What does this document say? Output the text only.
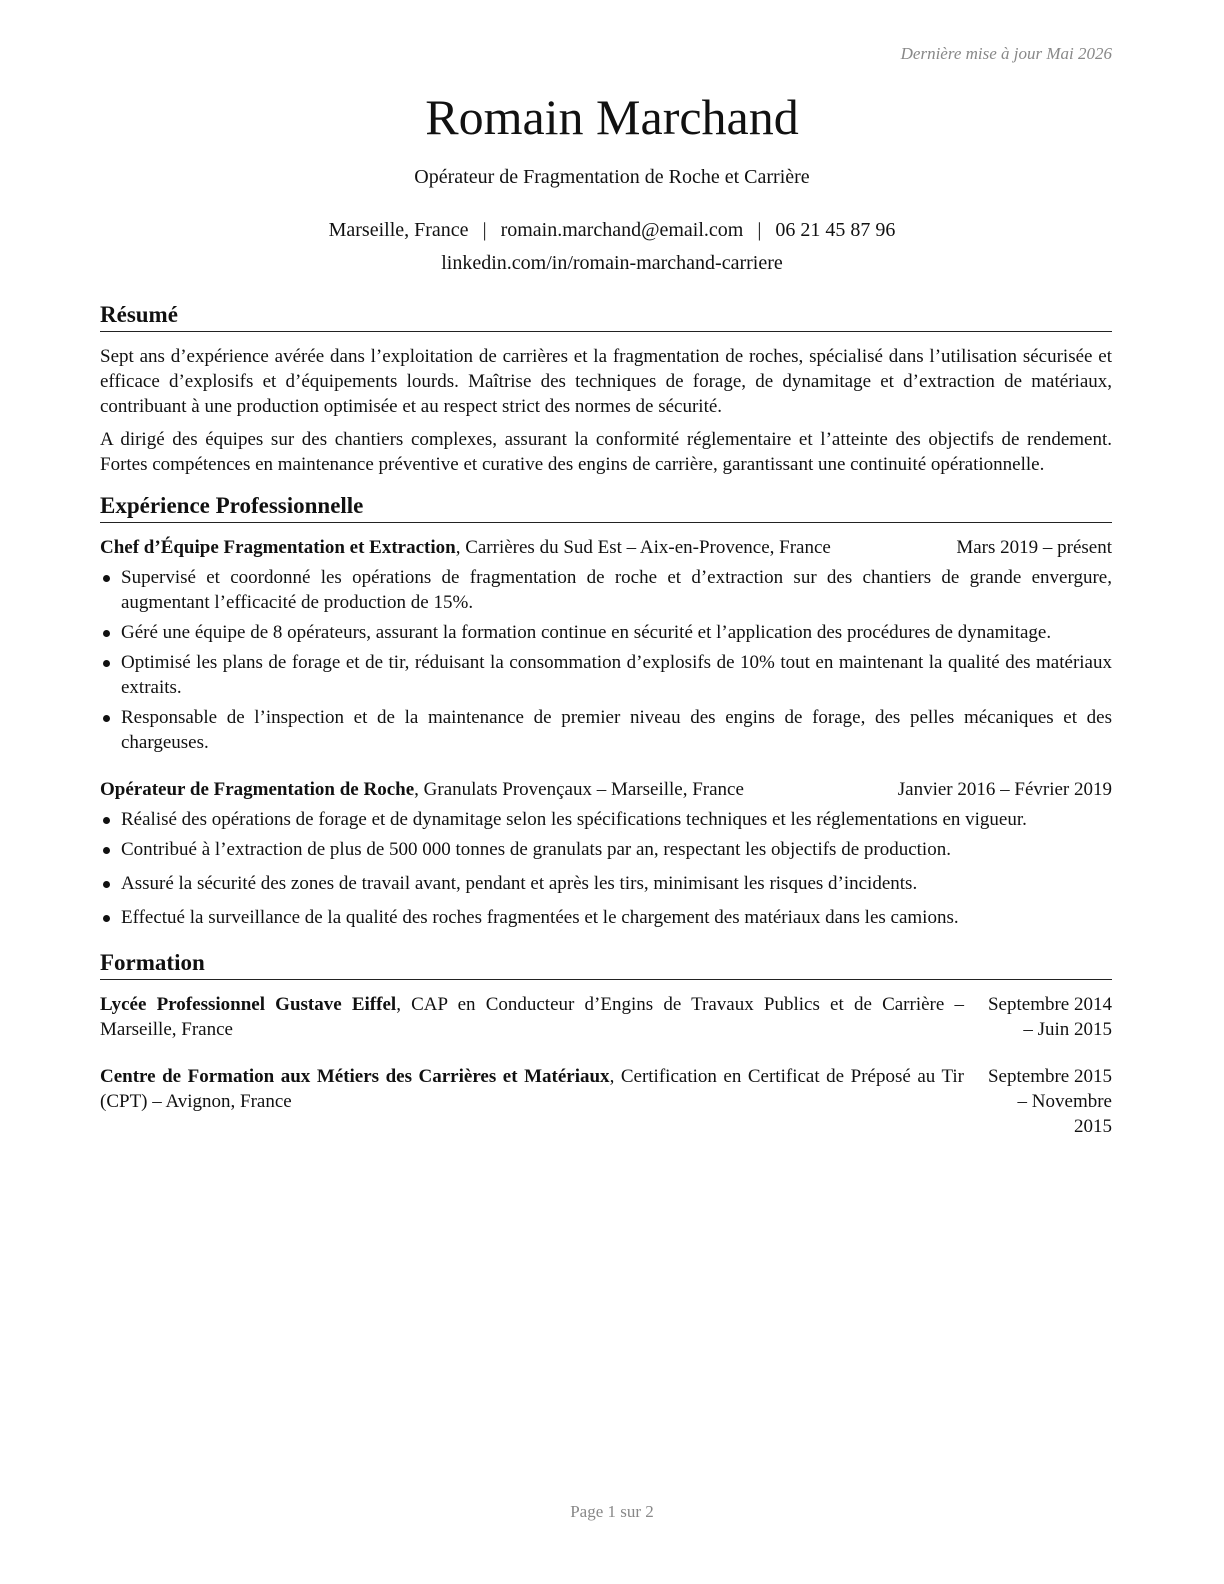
Dernière mise à jour Mai 2026
Romain Marchand
Opérateur de Fragmentation de Roche et Carrière
Marseille, France | romain.marchand@email.com | 06 21 45 87 96
linkedin.com/in/romain-marchand-carriere
Résumé

Sept ans d’expérience avérée dans l’exploitation de carrières et la fragmentation de roches, spécialisé dans l’utilisation sécurisée et efficace d’explosifs et d’équipements lourds. Maîtrise des techniques de forage, de dynamitage et d’extraction de matériaux, contribuant à une production optimisée et au respect strict des normes de sécurité.

A dirigé des équipes sur des chantiers complexes, assurant la conformité réglementaire et l’atteinte des objectifs de rendement. Fortes compétences en maintenance préventive et curative des engins de carrière, garantissant une continuité opérationnelle.

Expérience Professionnelle
Chef d’Équipe Fragmentation et Extraction, Carrières du Sud Est – Aix-en-Provence, France	Mars 2019 – présent
Supervisé et coordonné les opérations de fragmentation de roche et d’extraction sur des chantiers de grande envergure, augmentant l’efficacité de production de 15%.
Géré une équipe de 8 opérateurs, assurant la formation continue en sécurité et l’application des procédures de dynamitage.
Optimisé les plans de forage et de tir, réduisant la consommation d’explosifs de 10% tout en maintenant la qualité des matériaux extraits.
Responsable de l’inspection et de la maintenance de premier niveau des engins de forage, des pelles mécaniques et des chargeuses.
Opérateur de Fragmentation de Roche, Granulats Provençaux – Marseille, France	Janvier 2016 – Février 2019
Réalisé des opérations de forage et de dynamitage selon les spécifications techniques et les réglementations en vigueur.
Contribué à l’extraction de plus de 500 000 tonnes de granulats par an, respectant les objectifs de production.
Assuré la sécurité des zones de travail avant, pendant et après les tirs, minimisant les risques d’incidents.
Effectué la surveillance de la qualité des roches fragmentées et le chargement des matériaux dans les camions.
Formation
Lycée Professionnel Gustave Eiffel, CAP en Conducteur d’Engins de Travaux Publics et de Carrière – Marseille, France
Septembre 2014 – Juin 2015
Centre de Formation aux Métiers des Carrières et Matériaux, Certification en Certificat de Préposé au Tir (CPT) – Avignon, France
Septembre 2015 – Novembre 2015
Page 1 sur 2
